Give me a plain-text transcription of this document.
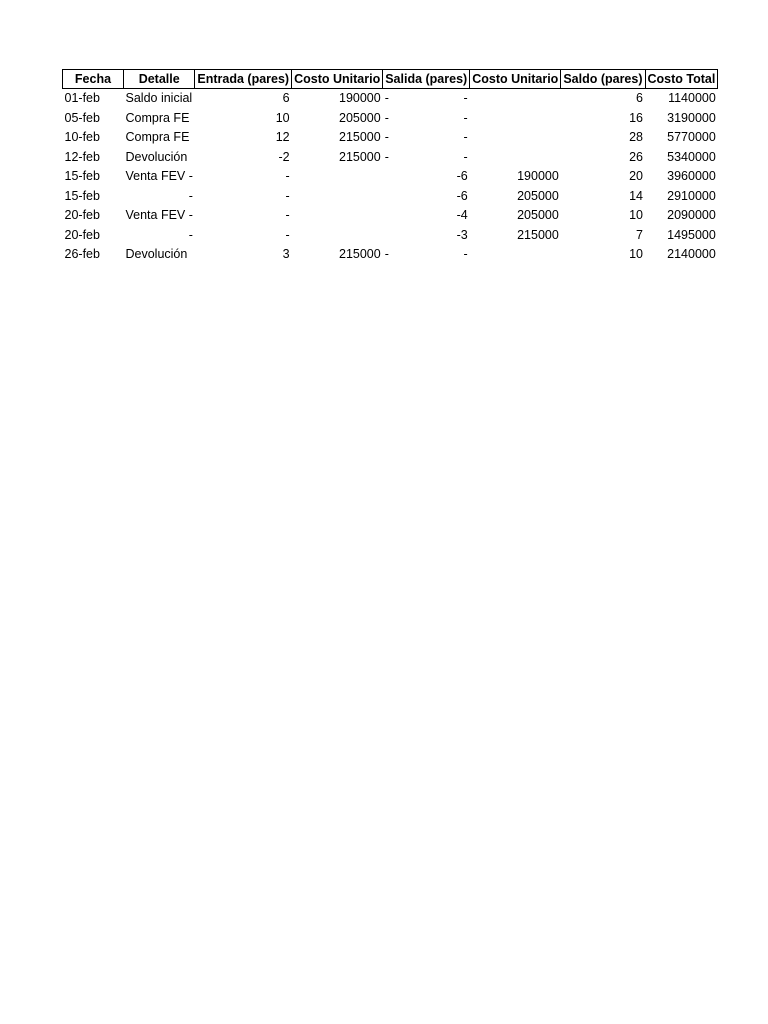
Fecha	Detalle	Entrada (pares)	Costo Unitario	Salida (pares)	Costo Unitario	Saldo (pares)	Costo Total
01-feb	Saldo inicial	6	190000	- -		6	1140000
05-feb	Compra FE	10	205000	- -		16	3190000
10-feb	Compra FE	12	215000	- -		28	5770000
12-feb	Devolución	-2	215000	- -		26	5340000
15-feb	Venta FEV -	-		-6	190000	20	3960000
15-feb	-	-		-6	205000	14	2910000
20-feb	Venta FEV -	-		-4	205000	10	2090000
20-feb	-	-		-3	215000	7	1495000
26-feb	Devolución	3	215000	- -		10	2140000
